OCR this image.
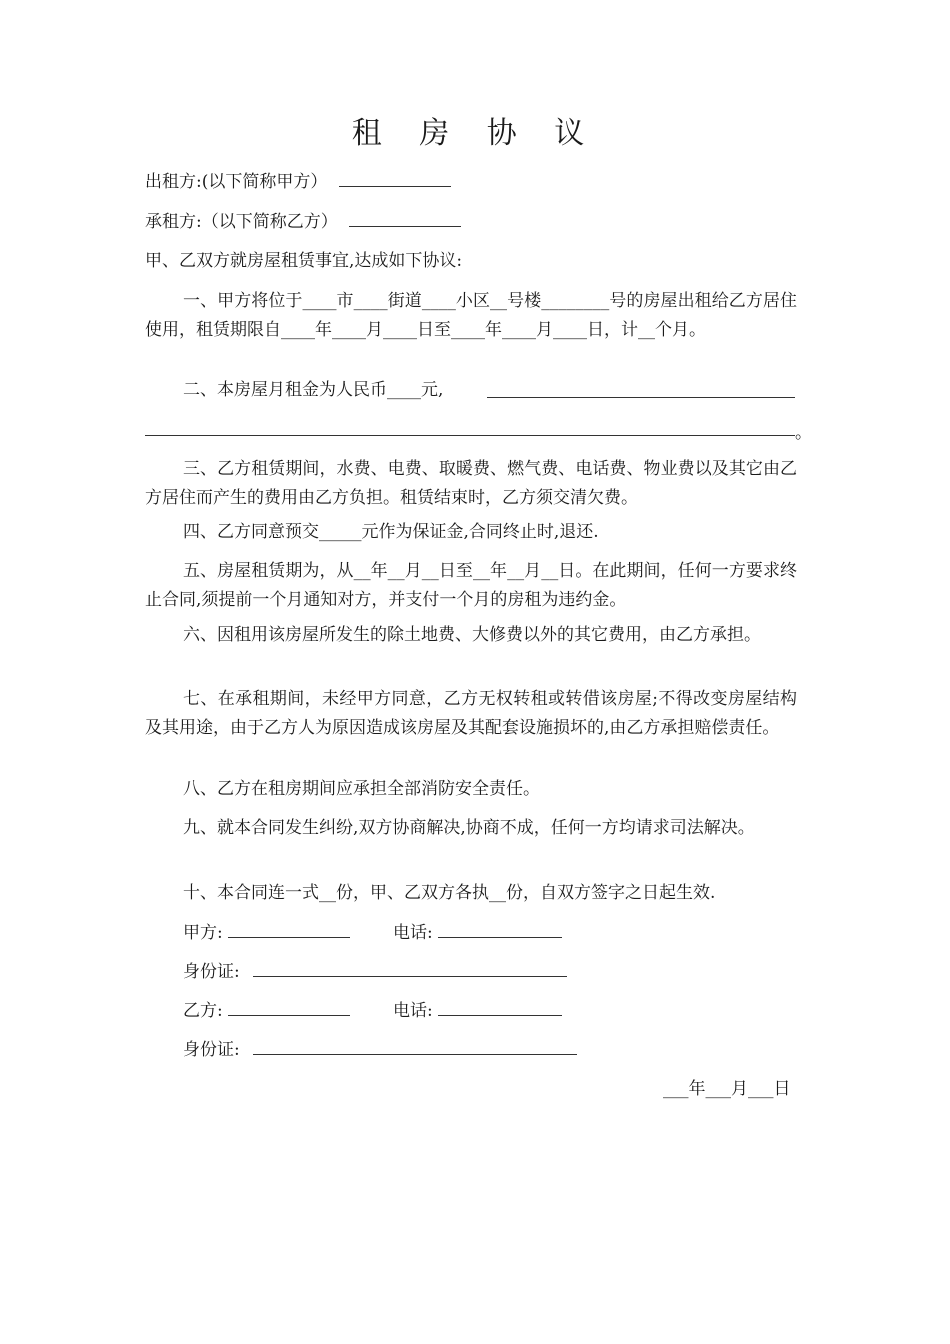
租 房 协 议
出租方:(以下简称甲方）
承租方:（以下简称乙方）
甲、乙双方就房屋租赁事宜,达成如下协议:
一、甲方将位于____市____街道____小区__号楼________号的房屋出租给乙方居住使用，租赁期限自____年____月____日至____年____月____日，计__个月。
二、本房屋月租金为人民币____元,
。
三、乙方租赁期间，水费、电费、取暖费、燃气费、电话费、物业费以及其它由乙方居住而产生的费用由乙方负担。租赁结束时，乙方须交清欠费。
四、乙方同意预交_____元作为保证金,合同终止时,退还.
五、房屋租赁期为，从__年__月__日至__年__月__日。在此期间，任何一方要求终止合同,须提前一个月通知对方，并支付一个月的房租为违约金。
六、因租用该房屋所发生的除土地费、大修费以外的其它费用，由乙方承担。
七、在承租期间，未经甲方同意，乙方无权转租或转借该房屋;不得改变房屋结构及其用途，由于乙方人为原因造成该房屋及其配套设施损坏的,由乙方承担赔偿责任。
八、乙方在租房期间应承担全部消防安全责任。
九、就本合同发生纠纷,双方协商解决,协商不成，任何一方均请求司法解决。
十、本合同连一式__份，甲、乙双方各执__份，自双方签字之日起生效.
甲方:	电话:
身份证:
乙方:	电话:
身份证:
___年___月___日
